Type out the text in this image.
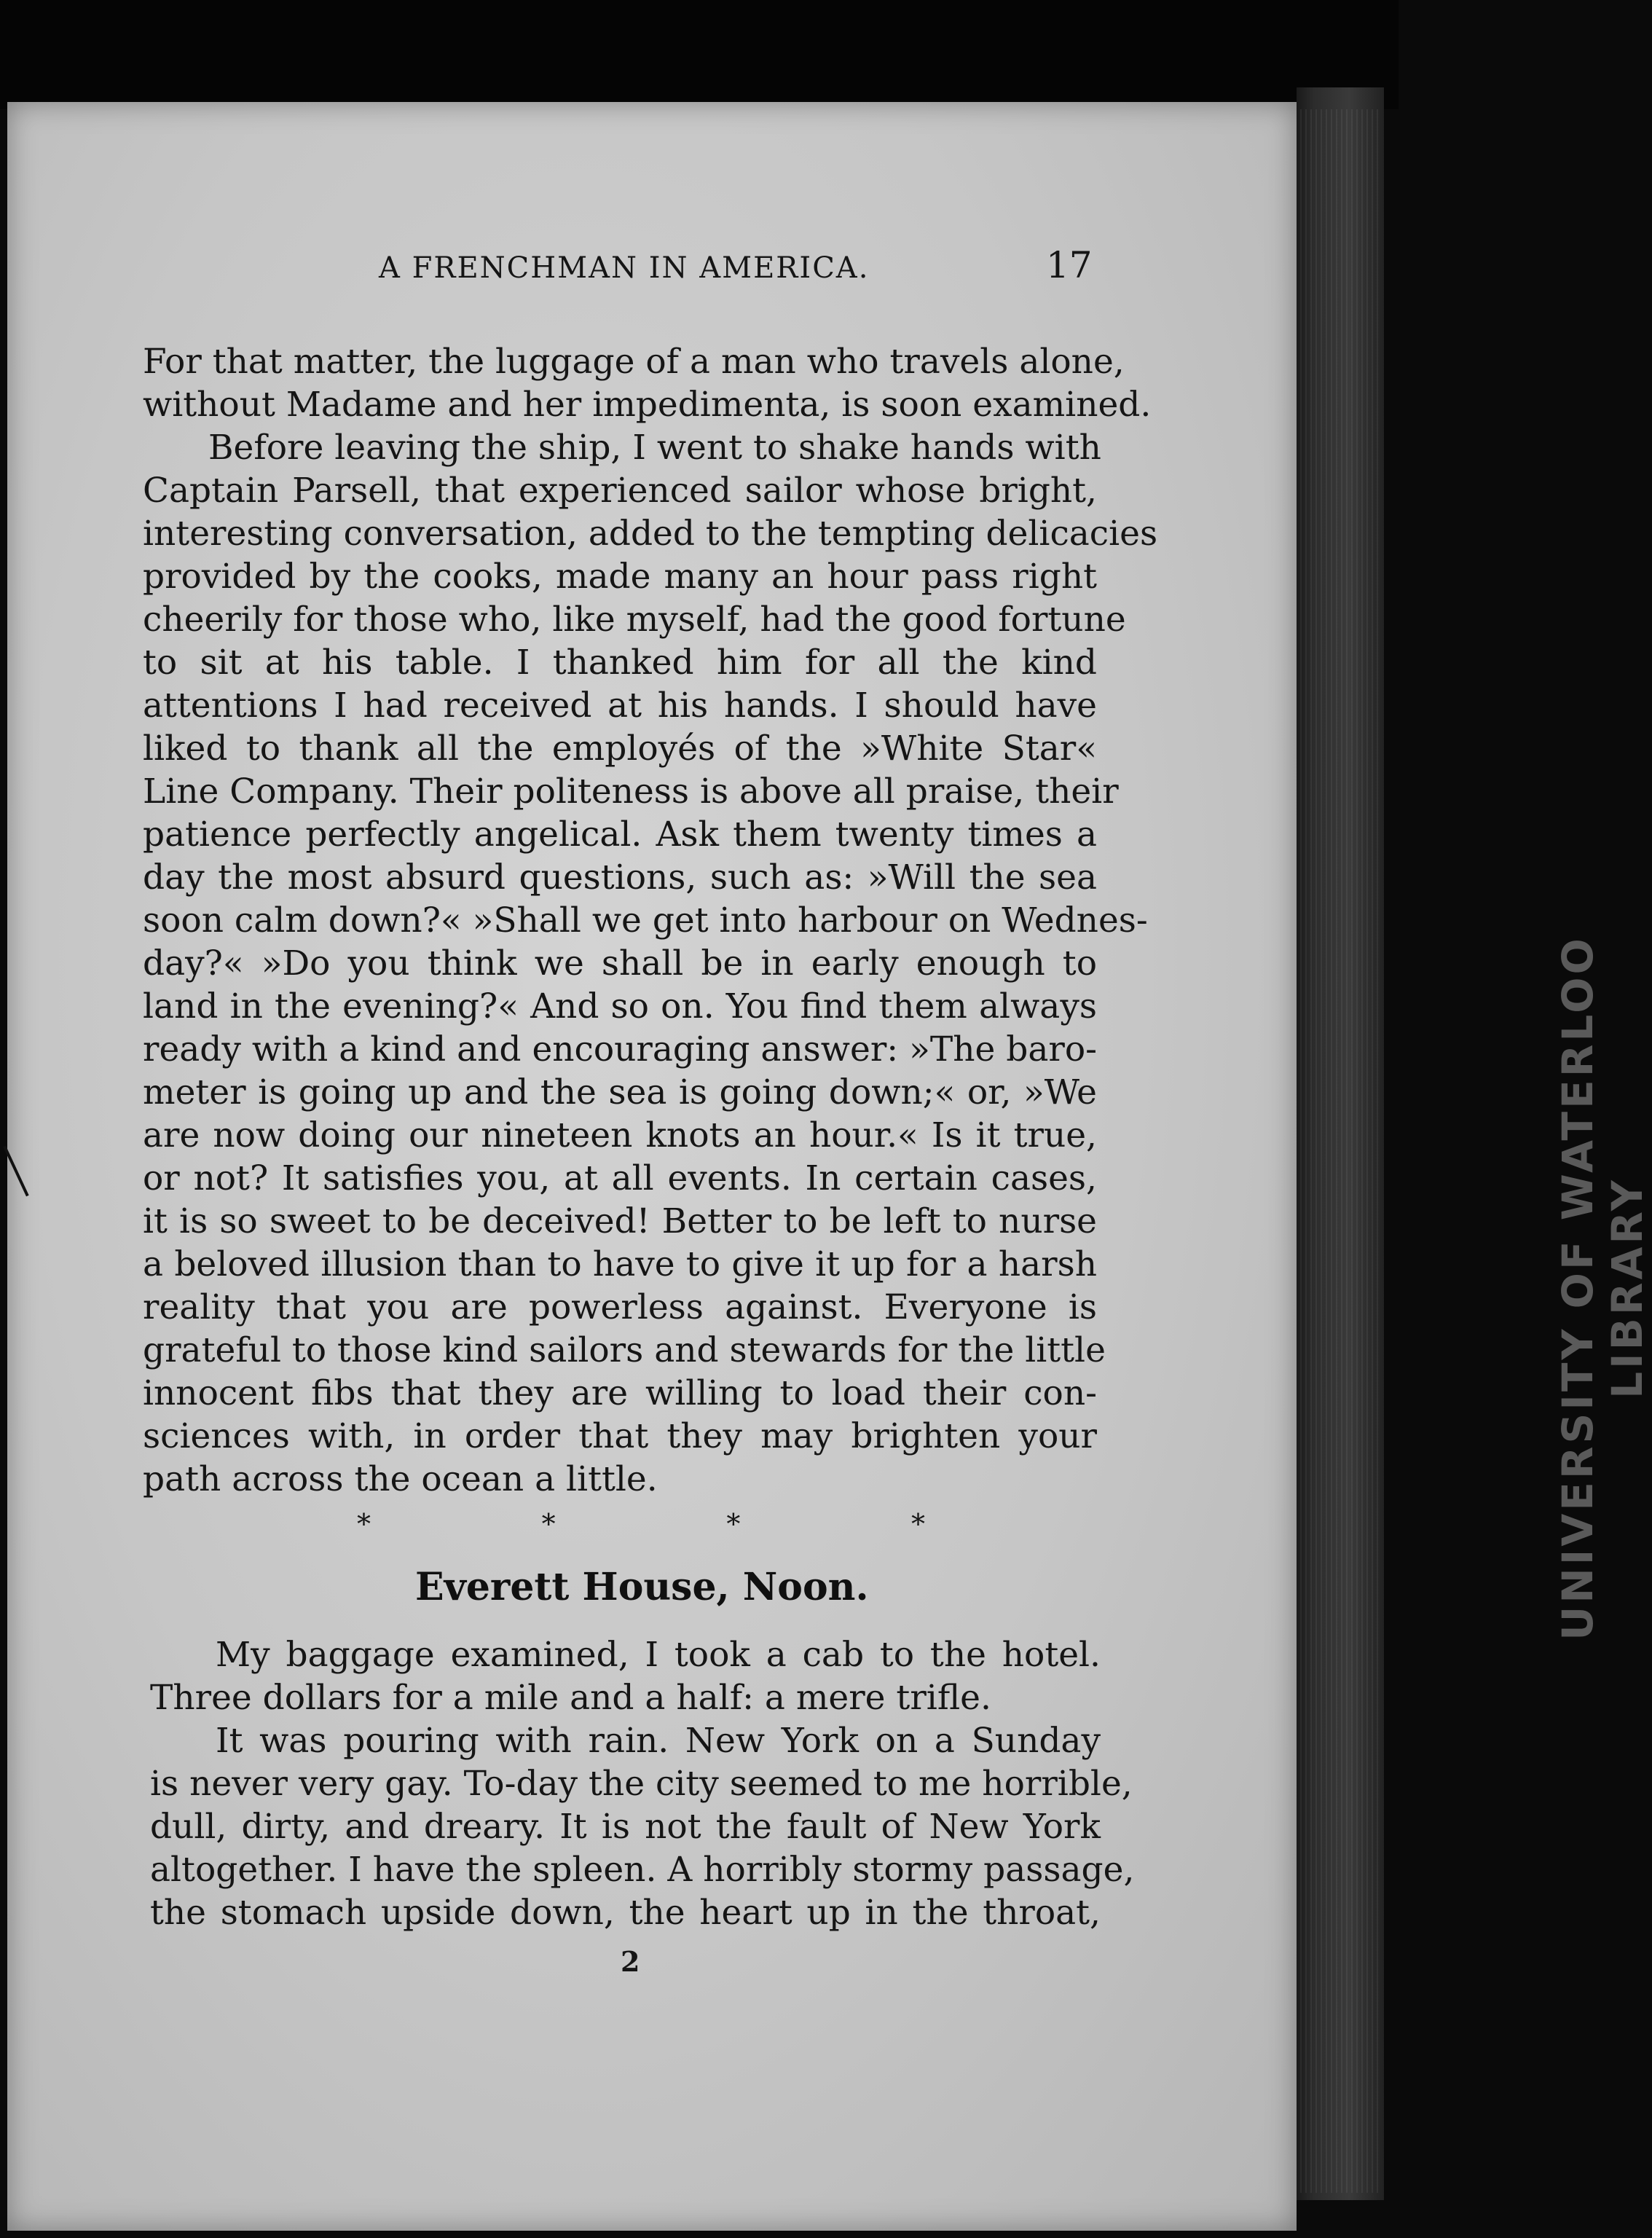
UNIVERSITY OF WATERLOO LIBRARY
A FRENCHMAN IN AMERICA.	17
For that matter, the luggage of a man who travels alone,
without Madame and her impedimenta, is soon examined.
Before leaving the ship, I went to shake hands with
Captain Parsell, that experienced sailor whose bright,
interesting conversation, added to the tempting delicacies
provided by the cooks, made many an hour pass right
cheerily for those who, like myself, had the good fortune
to sit at his table. I thanked him for all the kind
attentions I had received at his hands. I should have
liked to thank all the employés of the »White Star«
Line Company. Their politeness is above all praise, their
patience perfectly angelical. Ask them twenty times a
day the most absurd questions, such as: »Will the sea
soon calm down?« »Shall we get into harbour on Wednes-
day?« »Do you think we shall be in early enough to
land in the evening?« And so on. You find them always
ready with a kind and encouraging answer: »The baro-
meter is going up and the sea is going down;« or, »We
are now doing our nineteen knots an hour.« Is it true,
or not? It satisfies you, at all events. In certain cases,
it is so sweet to be deceived! Better to be left to nurse
a beloved illusion than to have to give it up for a harsh
reality that you are powerless against. Everyone is
grateful to those kind sailors and stewards for the little
innocent fibs that they are willing to load their con-
sciences with, in order that they may brighten your
path across the ocean a little.
*	*	*	*
Everett House, Noon.
My baggage examined, I took a cab to the hotel.
Three dollars for a mile and a half: a mere trifle.
It was pouring with rain. New York on a Sunday
is never very gay. To-day the city seemed to me horrible,
dull, dirty, and dreary. It is not the fault of New York
altogether. I have the spleen. A horribly stormy passage,
the stomach upside down, the heart up in the throat,
2
